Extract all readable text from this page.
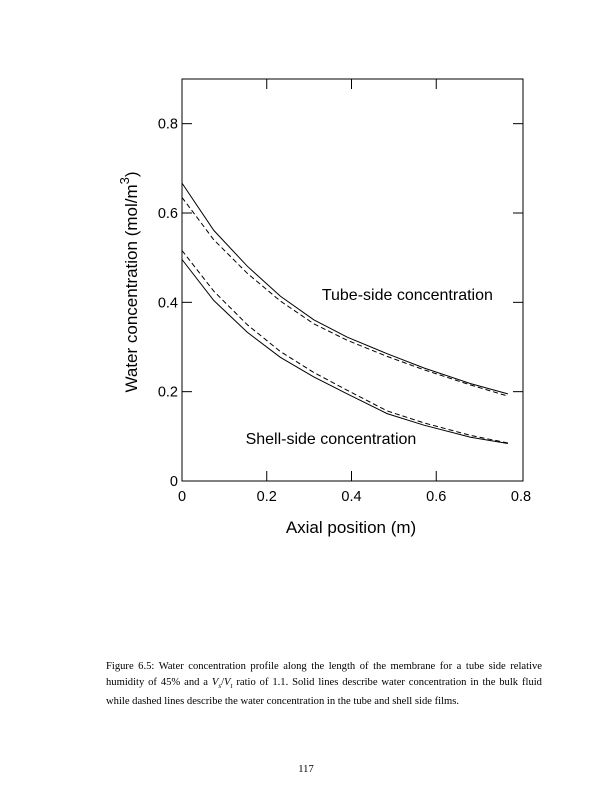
0	0.2	0.4	0.6	0.8
0
0.2
0.4
0.6
0.8
Tube-side concentration
Shell-side concentration
Axial position (m)
Water concentration $(mol/m^3)$
Figure 6.5: Water concentration profile along the length of the membrane for a tube side relative humidity of 45% and a $V_s/V_t$ ratio of 1.1. Solid lines describe water concentration in the bulk fluid while dashed lines describe the water concentration in the tube and shell side films.
117
